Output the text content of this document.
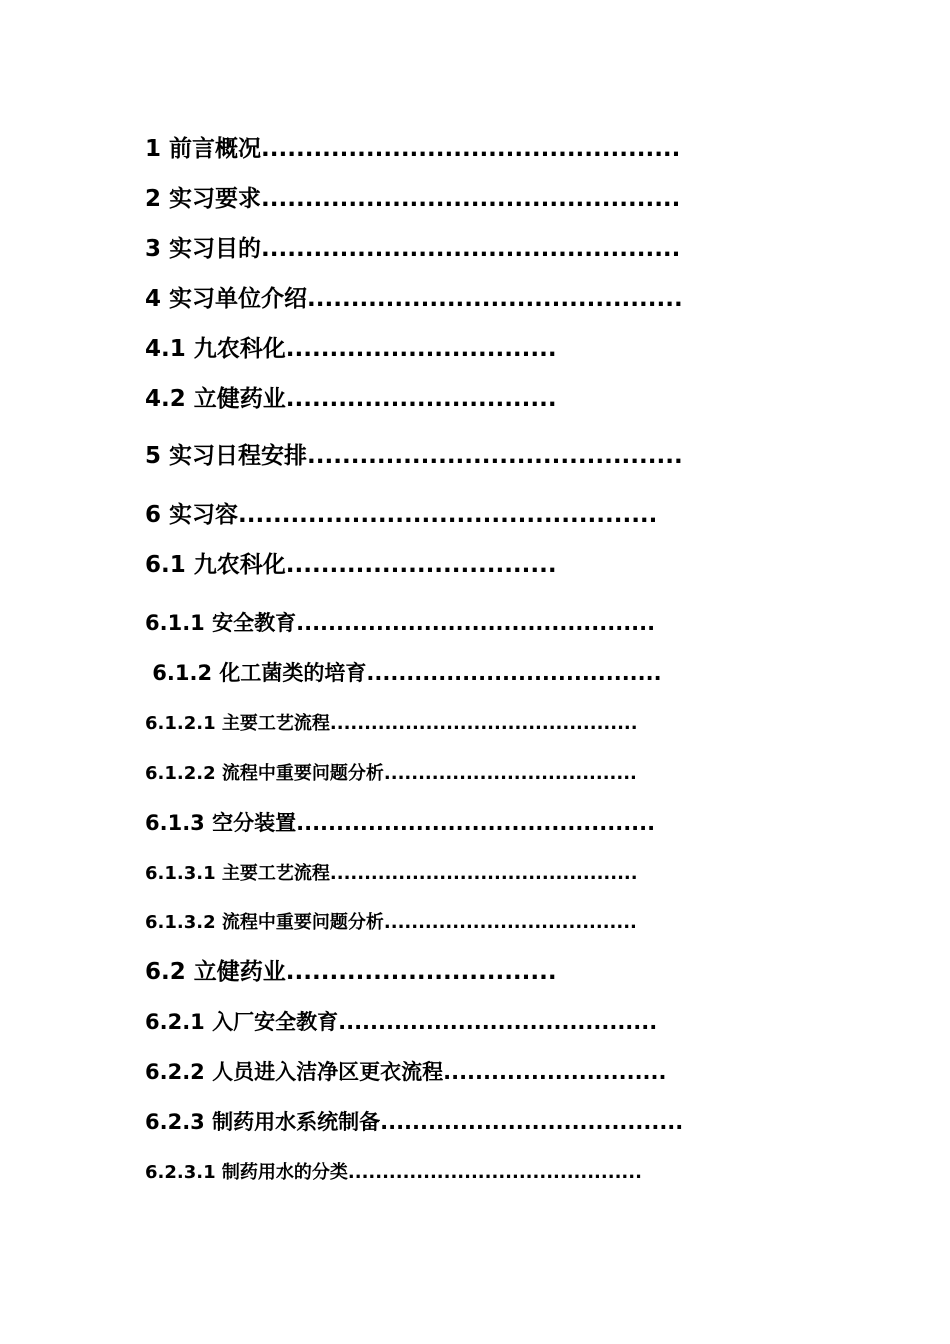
1 前言概况................................................
2 实习要求................................................
3 实习目的................................................
4 实习单位介绍...........................................
4.1 九农科化...............................
4.2 立健药业...............................
5 实习日程安排...........................................
6 实习容................................................
6.1 九农科化...............................
6.1.1 安全教育.............................................
6.1.2 化工菌类的培育.....................................
6.1.2.1 主要工艺流程.............................................
6.1.2.2 流程中重要问题分析.....................................
6.1.3 空分装置.............................................
6.1.3.1 主要工艺流程.............................................
6.1.3.2 流程中重要问题分析.....................................
6.2 立健药业...............................
6.2.1 入厂安全教育........................................
6.2.2 人员进入洁净区更衣流程............................
6.2.3 制药用水系统制备......................................
6.2.3.1 制药用水的分类...........................................
